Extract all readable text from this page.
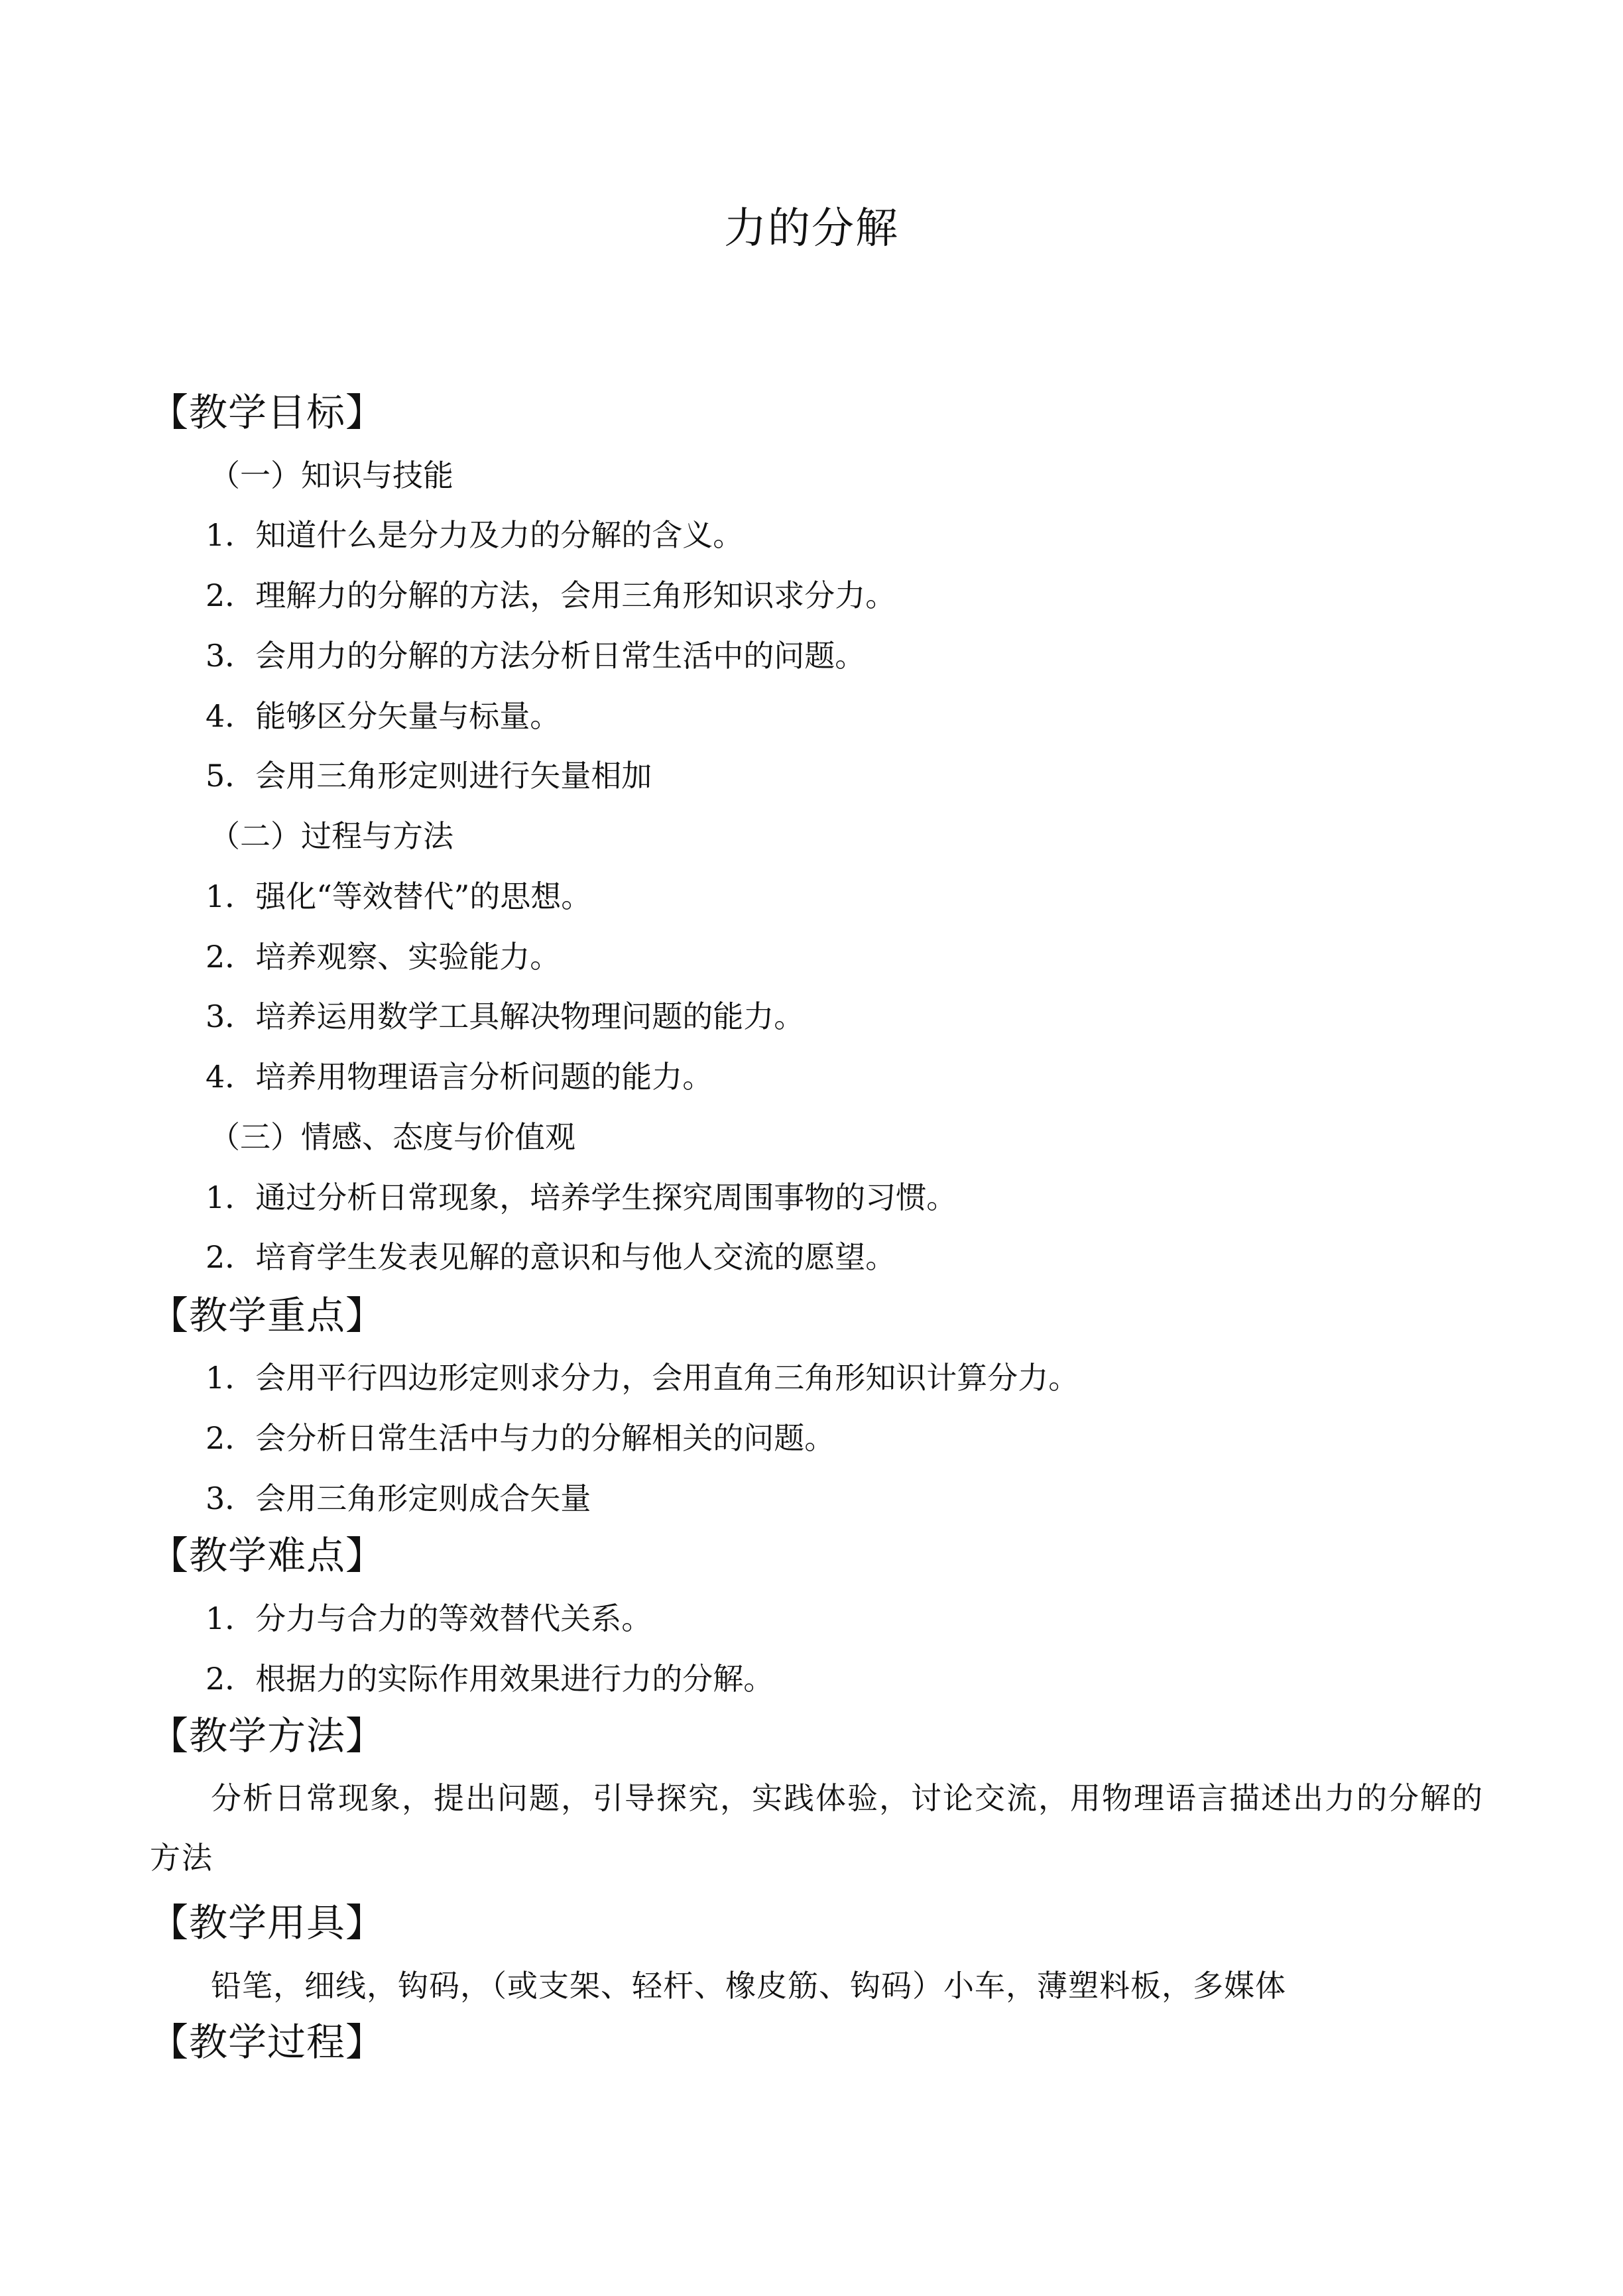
力的分解
【教学目标】
（一）知识与技能
1．知道什么是分力及力的分解的含义。
2．理解力的分解的方法，会用三角形知识求分力。
3．会用力的分解的方法分析日常生活中的问题。
4．能够区分矢量与标量。
5．会用三角形定则进行矢量相加
（二）过程与方法
1．强化“等效替代”的思想。
2．培养观察、实验能力。
3．培养运用数学工具解决物理问题的能力。
4．培养用物理语言分析问题的能力。
（三）情感、态度与价值观
1．通过分析日常现象，培养学生探究周围事物的习惯。
2．培育学生发表见解的意识和与他人交流的愿望。
【教学重点】
1．会用平行四边形定则求分力，会用直角三角形知识计算分力。
2．会分析日常生活中与力的分解相关的问题。
3．会用三角形定则成合矢量
【教学难点】
1．分力与合力的等效替代关系。
2．根据力的实际作用效果进行力的分解。
【教学方法】
分析日常现象，提出问题，引导探究，实践体验，讨论交流，用物理语言描述出力的分解的方法
【教学用具】
铅笔，细线，钩码，（或支架、轻杆、橡皮筋、钩码）小车，薄塑料板，多媒体
【教学过程】
